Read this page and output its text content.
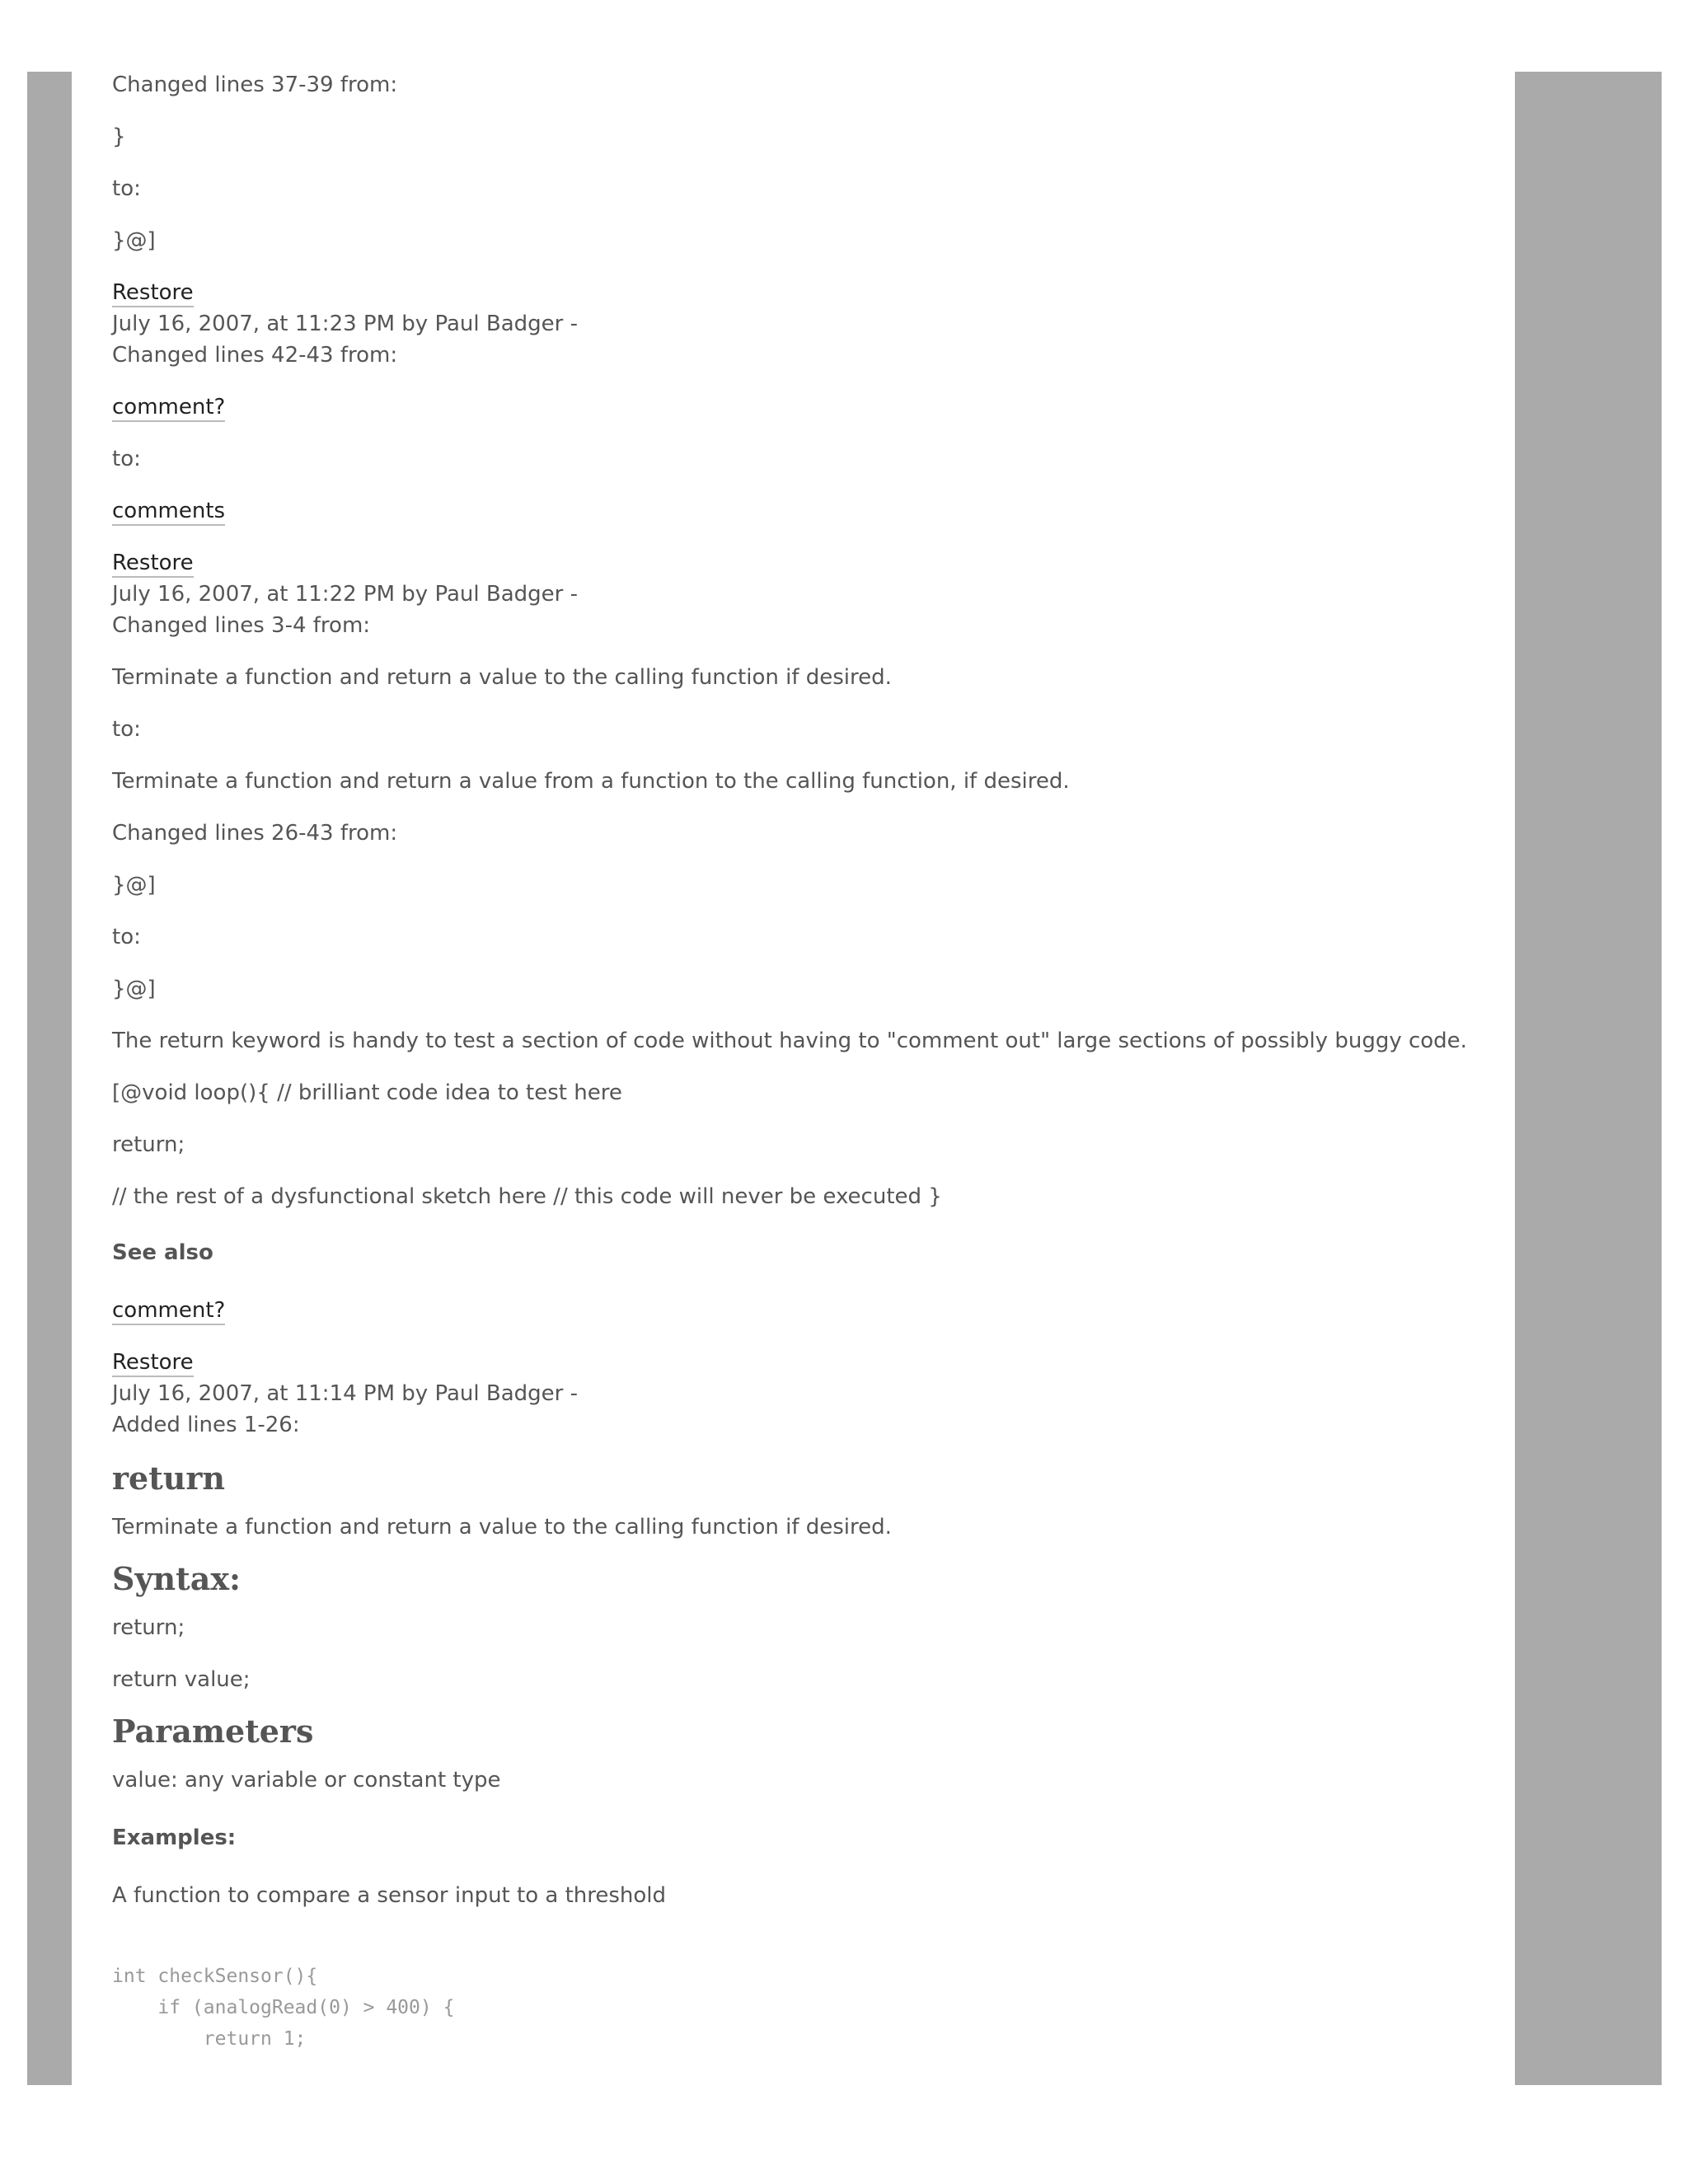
Changed lines 37-39 from:

}

to:

}@]

Restore

July 16, 2007, at 11:23 PM by Paul Badger -

Changed lines 42-43 from:

comment?

to:

comments

Restore

July 16, 2007, at 11:22 PM by Paul Badger -

Changed lines 3-4 from:

Terminate a function and return a value to the calling function if desired.

to:

Terminate a function and return a value from a function to the calling function, if desired.

Changed lines 26-43 from:

}@]

to:

}@]

The return keyword is handy to test a section of code without having to "comment out" large sections of possibly buggy code.

[@void loop(){ // brilliant code idea to test here

return;

// the rest of a dysfunctional sketch here // this code will never be executed }

See also

comment?

Restore

July 16, 2007, at 11:14 PM by Paul Badger -

Added lines 1-26:

return

Terminate a function and return a value to the calling function if desired.

Syntax:

return;

return value;

Parameters

value: any variable or constant type

Examples:

A function to compare a sensor input to a threshold

int checkSensor(){
if (analogRead(0) > 400) {
return 1;
